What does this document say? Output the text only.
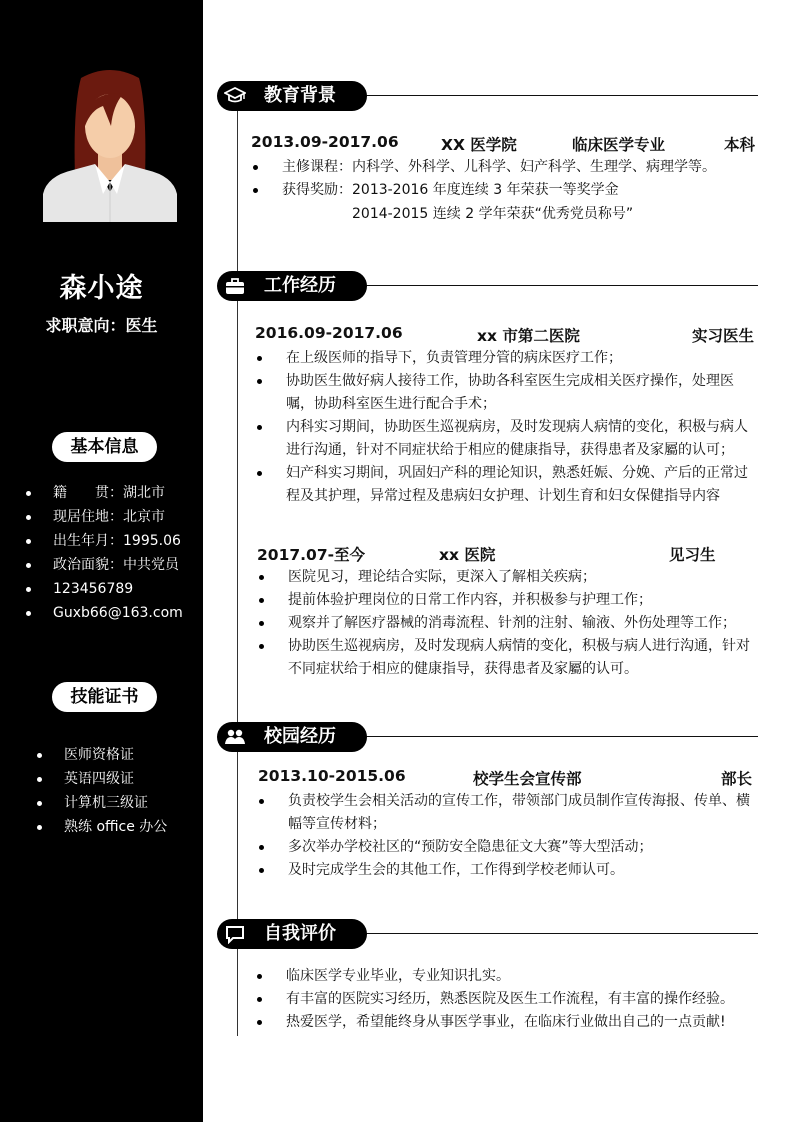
森小途
求职意向：医生
基本信息
籍　　贯：湖北市
现居住地：北京市
出生年月：1995.06
政治面貌：中共党员
123456789
Guxb66@163.com
技能证书
医师资格证
英语四级证
计算机三级证
熟练 office 办公
教育背景
2013.09-2017.06	XX 医学院	临床医学专业	本科
主修课程：内科学、外科学、儿科学、妇产科学、生理学、病理学等。
获得奖励：2013-2016 年度连续 3 年荣获一等奖学金
2014-2015 连续 2 学年荣获“优秀党员称号”
工作经历
2016.09-2017.06	xx 市第二医院	实习医生
在上级医师的指导下，负责管理分管的病床医疗工作；
协助医生做好病人接待工作，协助各科室医生完成相关医疗操作，处理医嘱，协助科室医生进行配合手术；
内科实习期间，协助医生巡视病房，及时发现病人病情的变化，积极与病人进行沟通，针对不同症状给于相应的健康指导，获得患者及家屬的认可；
妇产科实习期间，巩固妇产科的理论知识，熟悉妊娠、分娩、产后的正常过程及其护理，异常过程及患病妇女护理、计划生育和妇女保健指导内容
2017.07-至今	xx 医院	见习生
医院见习，理论结合实际，更深入了解相关疾病；
提前体验护理岗位的日常工作内容，并积极参与护理工作；
观察并了解医疗器械的消毒流程、针剂的注射、输液、外伤处理等工作；
协助医生巡视病房，及时发现病人病情的变化，积极与病人进行沟通，针对不同症状给于相应的健康指导，获得患者及家屬的认可。
校园经历
2013.10-2015.06	校学生会宣传部	部长
负责校学生会相关活动的宣传工作，带领部门成员制作宣传海报、传单、横幅等宣传材料；
多次举办学校社区的“预防安全隐患征文大赛”等大型活动；
及时完成学生会的其他工作，工作得到学校老师认可。
自我评价
临床医学专业毕业，专业知识扎实。
有丰富的医院实习经历，熟悉医院及医生工作流程，有丰富的操作经验。
热爱医学，希望能终身从事医学事业，在临床行业做出自己的一点贡献!
